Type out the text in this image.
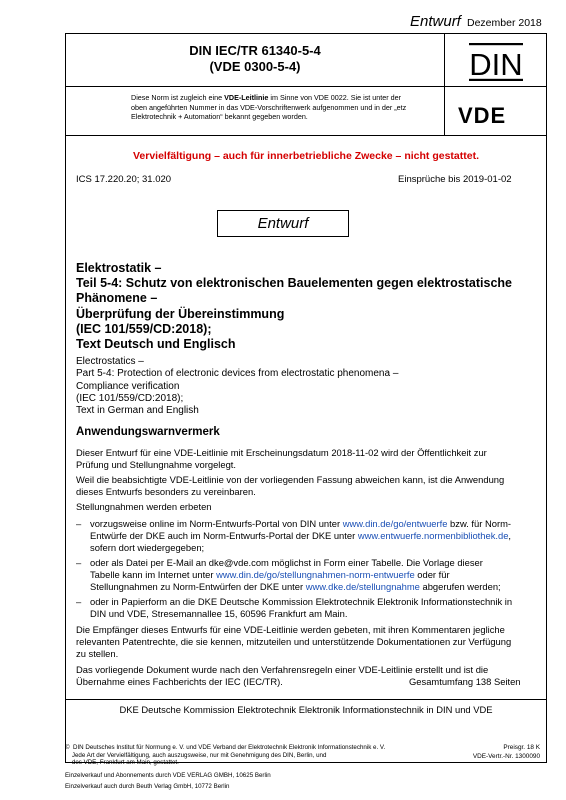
Entwurf Dezember 2018
DIN IEC/TR 61340-5-4
(VDE 0300-5-4)	DIN
VDE
Diese Norm ist zugleich eine VDE-Leitlinie im Sinne von VDE 0022. Sie ist unter der
oben angeführten Nummer in das VDE-Vorschriftenwerk aufgenommen und in der „etz
Elektrotechnik + Automation“ bekannt gegeben worden.
Vervielfältigung – auch für innerbetriebliche Zwecke – nicht gestattet.
ICS 17.220.20; 31.020	Einsprüche bis 2019-01-02
Entwurf
Elektrostatik –
Teil 5-4: Schutz von elektronischen Bauelementen gegen elektrostatische
Phänomene –
Überprüfung der Übereinstimmung
(IEC 101/559/CD:2018);
Text Deutsch und Englisch
Electrostatics –
Part 5-4: Protection of electronic devices from electrostatic phenomena –
Compliance verification
(IEC 101/559/CD:2018);
Text in German and English
Anwendungswarnvermerk
Dieser Entwurf für eine VDE-Leitlinie mit Erscheinungsdatum 2018-11-02 wird der Öffentlichkeit zur
Prüfung und Stellungnahme vorgelegt.
Weil die beabsichtigte VDE-Leitlinie von der vorliegenden Fassung abweichen kann, ist die Anwendung
dieses Entwurfs besonders zu vereinbaren.
Stellungnahmen werden erbeten
– vorzugsweise online im Norm-Entwurfs-Portal von DIN unter www.din.de/go/entwuerfe bzw. für Norm-
Entwürfe der DKE auch im Norm-Entwurfs-Portal der DKE unter www.entwuerfe.normenbibliothek.de,
sofern dort wiedergegeben;
– oder als Datei per E-Mail an dke@vde.com möglichst in Form einer Tabelle. Die Vorlage dieser
Tabelle kann im Internet unter www.din.de/go/stellungnahmen-norm-entwuerfe oder für
Stellungnahmen zu Norm-Entwürfen der DKE unter www.dke.de/stellungnahme abgerufen werden;
– oder in Papierform an die DKE Deutsche Kommission Elektrotechnik Elektronik Informationstechnik in
DIN und VDE, Stresemannallee 15, 60596 Frankfurt am Main.
Die Empfänger dieses Entwurfs für eine VDE-Leitlinie werden gebeten, mit ihren Kommentaren jegliche
relevanten Patentrechte, die sie kennen, mitzuteilen und unterstützende Dokumentationen zur Verfügung
zu stellen.
Das vorliegende Dokument wurde nach den Verfahrensregeln einer VDE-Leitlinie erstellt und ist die
Übernahme eines Fachberichts der IEC (IEC/TR).	Gesamtumfang 138 Seiten
DKE Deutsche Kommission Elektrotechnik Elektronik Informationstechnik in DIN und VDE
©  DIN Deutsches Institut für Normung e. V. und VDE Verband der Elektrotechnik Elektronik Informationstechnik e. V.
Jede Art der Vervielfältigung, auch auszugsweise, nur mit Genehmigung des DIN, Berlin, und
des VDE, Frankfurt am Main, gestattet.
Preisgr. 18 K
VDE-Vertr.-Nr. 1300090
Einzelverkauf und Abonnements durch VDE VERLAG GMBH, 10625 Berlin
Einzelverkauf auch durch Beuth Verlag GmbH, 10772 Berlin
